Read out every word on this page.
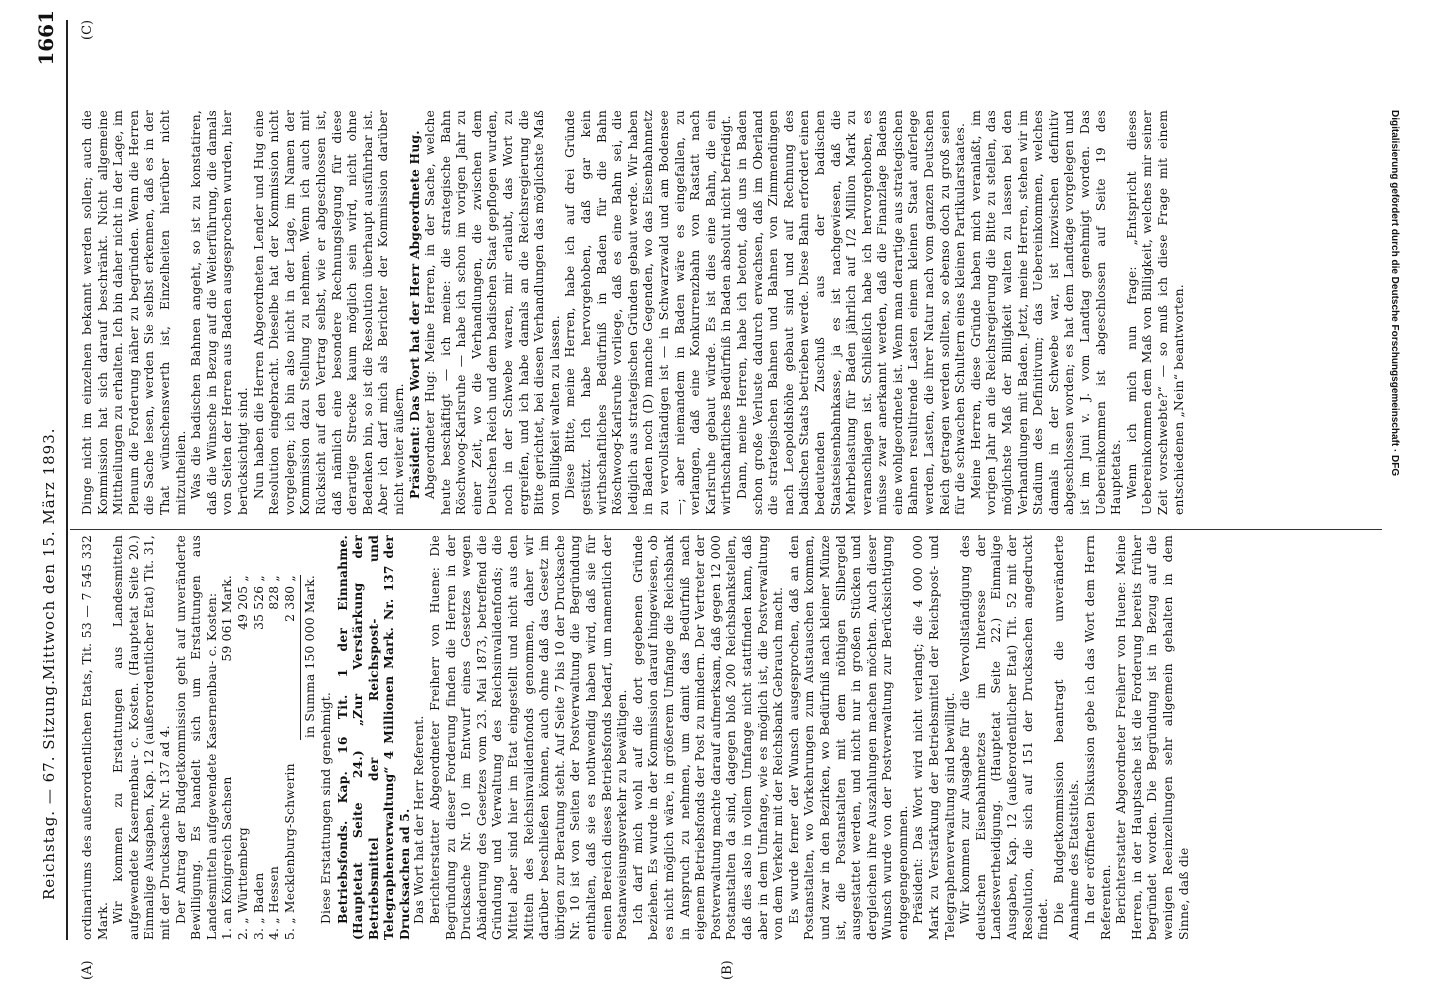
Reichstag. — 67. Sitzung.
Mittwoch den 15. März 1893.
1661
(A)	(B)
(C)

ordinariums des außerordentlichen Etats, Tit. 53 — 7 545 332 Mark. Wir kommen zu Erstattungen aus Landesmitteln aufgewendete Kasernenbau- c. Kosten. (Hauptetat Seite 20.) Einmalige Ausgaben, Kap. 12 (außerordentlicher Etat) Tit. 31, mit der Drucksache Nr. 137 ad 4. Der Antrag der Budgetkommission geht auf unveränderte Bewilligung. Es handelt sich um Erstattungen aus Landesmitteln aufgewendete Kasernenbau- c. Kosten: 1. an Königreich Sachsen
59 061 Mark.
2. „ Württemberg
49 205 „
3. „ Baden
35 526 „
4. „ Hessen
828 „
5. „ Mecklenburg-Schwerin
2 380 „ in Summa 150 000 Mark.

Diese Erstattungen sind genehmigt. Betriebsfonds. Kap. 16 Tit. 1 der Einnahme. (Hauptetat Seite 24.) „Zur Verstärkung der Betriebsmittel der Reichspost- und Telegraphenverwaltung“ 4 Millionen Mark. Nr. 137 der Drucksachen ad 5. Das Wort hat der Herr Referent. Berichterstatter Abgeordneter Freiherr von Huene: Die Begründung zu dieser Forderung finden die Herren in der Drucksache Nr. 10 im Entwurf eines Gesetzes wegen Abänderung des Gesetzes vom 23. Mai 1873, betreffend die Gründung und Verwaltung des Reichsinvalidenfonds; die Mittel aber sind hier im Etat eingestellt und nicht aus den Mitteln des Reichsinvalidenfonds genommen, daher wir darüber beschließen können, auch ohne daß das Gesetz im übrigen zur Beratung steht. Auf Seite 7 bis 10 der Drucksache Nr. 10 ist von Seiten der Postverwaltung die Begründung enthalten, daß sie es nothwendig haben wird, daß sie für einen Bereich dieses Betriebsfonds bedarf, um namentlich der Postanweisungsverkehr zu bewältigen. Ich darf mich wohl auf die dort gegebenen Gründe beziehen. Es wurde in der Kommission darauf hingewiesen, ob es nicht möglich wäre, in größerem Umfange die Reichsbank in Anspruch zu nehmen, um damit das Bedürfniß nach eigenem Betriebsfonds der Post zu mindern. Der Vertreter der Postverwaltung machte darauf aufmerksam, daß gegen 12 000 Postanstalten da sind, dagegen bloß 200 Reichsbankstellen, daß dies also in vollem Umfange nicht stattfinden kann, daß aber in dem Umfange, wie es möglich ist, die Postverwaltung von dem Verkehr mit der Reichsbank Gebrauch macht. Es wurde ferner der Wunsch ausgesprochen, daß an den Postanstalten, wo Vorkehrungen zum Austauschen kommen, und zwar in den Bezirken, wo Bedürfniß nach kleiner Münze ist, die Postanstalten mit dem nöthigen Silbergeld ausgestattet werden, und nicht nur in großen Stücken und dergleichen ihre Auszahlungen machen möchten. Auch dieser Wunsch wurde von der Postverwaltung zur Berücksichtigung entgegengenommen. Präsident: Das Wort wird nicht verlangt; die 4 000 000 Mark zu Verstärkung der Betriebsmittel der Reichspost- und Telegraphenverwaltung sind bewilligt. Wir kommen zur Ausgabe für die Vervollständigung des deutschen Eisenbahnnetzes im Interesse der Landesvertheidigung. (Hauptetat Seite 22.) Einmalige Ausgaben, Kap. 12 (außerordentlicher Etat) Tit. 52 mit der Resolution, die sich auf 151 der Drucksachen angedruckt findet. Die Budgetkommission beantragt die unveränderte Annahme des Etatstitels. In der eröffneten Diskussion gebe ich das Wort dem Herrn Referenten. Berichterstatter Abgeordneter Freiherr von Huene: Meine Herren, in der Hauptsache ist die Forderung bereits früher begründet worden. Die Begründung ist in Bezug auf die wenigen Reeinzellungen sehr allgemein gehalten in dem Sinne, daß die

Dinge nicht im einzelnen bekannt werden sollen; auch die Kommission hat sich darauf beschränkt. Nicht allgemeine Mittheilungen zu erhalten. Ich bin daher nicht in der Lage, im Plenum die Forderung näher zu begründen. Wenn die Herren die Sache lesen, werden Sie selbst erkennen, daß es in der That wünschenswerth ist, Einzelheiten hierüber nicht mitzutheilen. Was die badischen Bahnen angeht, so ist zu konstatiren, daß die Wünsche in Bezug auf die Weiterführung, die damals von Seiten der Herren aus Baden ausgesprochen wurden, hier berücksichtigt sind. Nun haben die Herren Abgeordneten Lender und Hug eine Resolution eingebracht. Dieselbe hat der Kommission nicht vorgelegen; ich bin also nicht in der Lage, im Namen der Kommission dazu Stellung zu nehmen. Wenn ich auch mit Rücksicht auf den Vertrag selbst, wie er abgeschlossen ist, daß nämlich eine besondere Rechnungslegung für diese derartige Strecke kaum möglich sein wird, nicht ohne Bedenken bin, so ist die Resolution überhaupt ausführbar ist. Aber ich darf mich als Berichter der Kommission darüber nicht weiter äußern. Präsident: Das Wort hat der Herr Abgeordnete Hug. Abgeordneter Hug: Meine Herren, in der Sache, welche heute beschäftigt — ich meine: die strategische Bahn Röschwoog-Karlsruhe — habe ich schon im vorigen Jahr zu einer Zeit, wo die Verhandlungen, die zwischen dem Deutschen Reich und dem badischen Staat gepflogen wurden, noch in der Schwebe waren, mir erlaubt, das Wort zu ergreifen, und ich habe damals an die Reichsregierung die Bitte gerichtet, bei diesen Verhandlungen das möglichste Maß von Billigkeit walten zu lassen. Diese Bitte, meine Herren, habe ich auf drei Gründe gestützt. Ich habe hervorgehoben, daß gar kein wirthschaftliches Bedürfniß in Baden für die Bahn Röschwoog-Karlsruhe vorliege, daß es eine Bahn sei, die lediglich aus strategischen Gründen gebaut werde. Wir haben in Baden noch (D) manche Gegenden, wo das Eisenbahnnetz zu vervollständigen ist — in Schwarzwald und am Bodensee —; aber niemandem in Baden wäre es eingefallen, zu verlangen, daß eine Konkurrenzbahn von Rastatt nach Karlsruhe gebaut würde. Es ist dies eine Bahn, die ein wirthschaftliches Bedürfniß in Baden absolut nicht befriedigt. Dann, meine Herren, habe ich betont, daß uns in Baden schon große Verluste dadurch erwachsen, daß im Oberland die strategischen Bahnen und Bahnen von Zimmendingen nach Leopoldshöhe gebaut sind und auf Rechnung des badischen Staats betrieben werde. Diese Bahn erfordert einen bedeutenden Zuschuß aus der badischen Staatseisenbahnkasse, ja es ist nachgewiesen, daß die Mehrbelastung für Baden jährlich auf 1/2 Million Mark zu veranschlagen ist. Schließlich habe ich hervorgehoben, es müsse zwar anerkannt werden, daß die Finanzlage Badens eine wohlgeordnete ist. Wenn man derartige aus strategischen Bahnen resultirende Lasten einem kleinen Staat auferlege werden, Lasten, die ihrer Natur nach vom ganzen Deutschen Reich getragen werden sollten, so ebenso doch zu groß seien für die schwachen Schultern eines kleinen Partikularstaates. Meine Herren, diese Gründe haben mich veranlaßt, im vorigen Jahr an die Reichsregierung die Bitte zu stellen, das möglichste Maß der Billigkeit walten zu lassen bei den Verhandlungen mit Baden. Jetzt, meine Herren, stehen wir im Stadium des Definitivum; das Uebereinkommen, welches damals in der Schwebe war, ist inzwischen definitiv abgeschlossen worden; es hat dem Landtage vorgelegen und ist im Juni v. J. vom Landtag genehmigt worden. Das Uebereinkommen ist abgeschlossen auf Seite 19 des Hauptetats. Wenn ich mich nun frage: „Entspricht dieses Uebereinkommen dem Maß von Billigkeit, welches mir seiner Zeit vorschwebte?“ — so muß ich diese Frage mit einem entschiedenen „Nein“ beantworten.	Digitalisierung gefördert durch die Deutsche Forschungsgemeinschaft · DFG
